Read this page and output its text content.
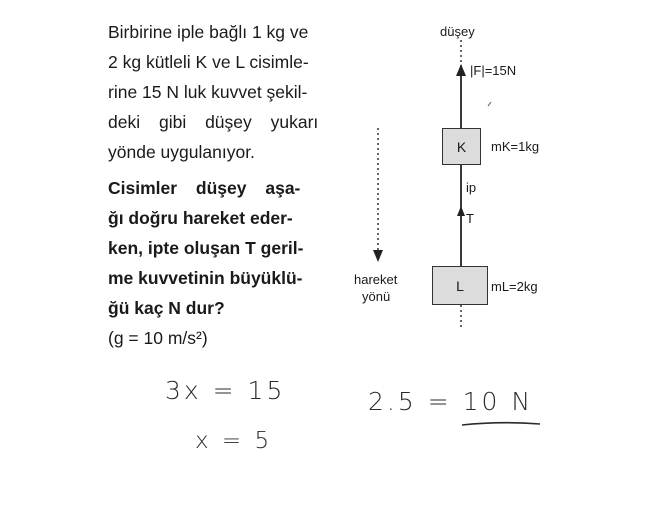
Birbirine iple bağlı 1 kg ve
2 kg kütleli K ve L cisimle-
rine 15 N luk kuvvet şekil-
deki gibi düşey yukarı
yönde uygulanıyor.
Cisimler düşey aşa-
ğı doğru hareket eder-
ken, ipte oluşan T geril-
me kuvvetinin büyüklü-
ğü kaç N dur?
(g = 10 m/s²)
düşey
|F|=15N
K mK=1kg
ip
T
L mL=2kg
hareket
yönü
3x = 15
x = 5
2.5 = 10 N
